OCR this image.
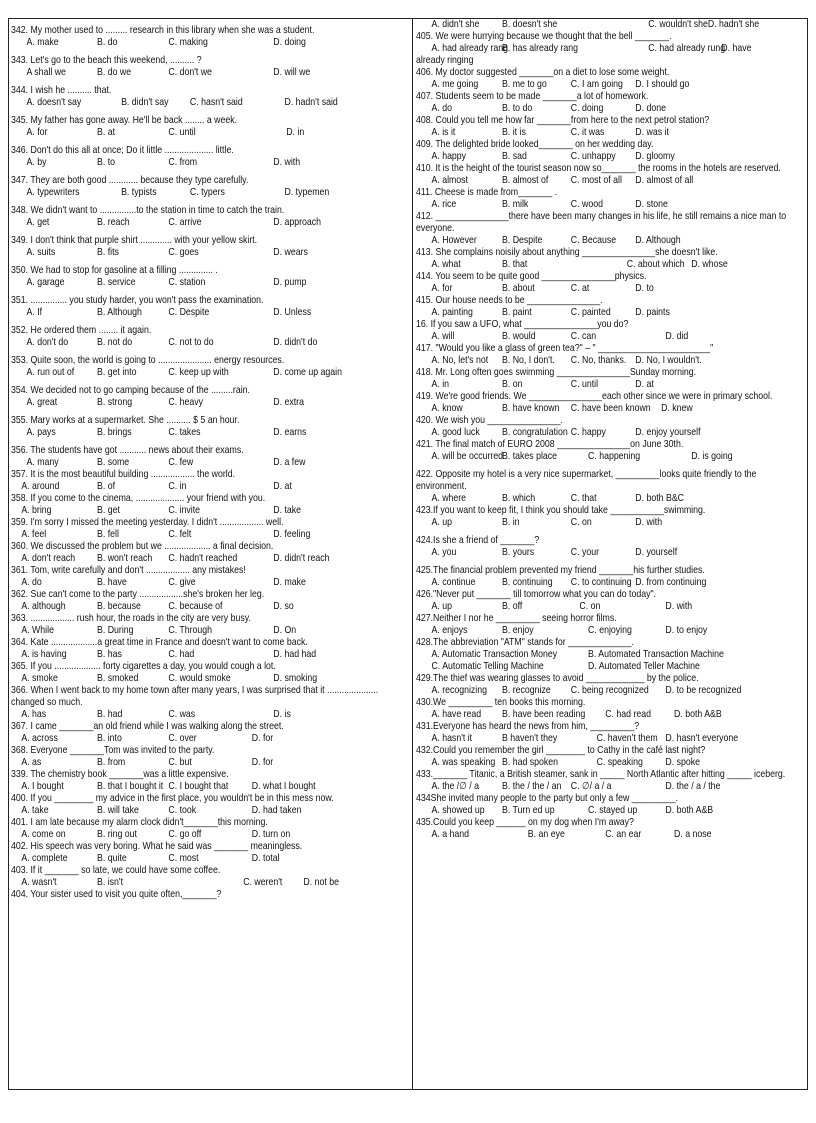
342. My mother used to ......... research in this library when she was a student.
A. make	B. do	C. making	D. doing
343. Let's go to the beach this weekend, .......... ?
A shall we	B. do we	C. don't we	D. will we
344. I wish he .......... that.
A. doesn't say	B. didn't say C. hasn't said	D. hadn't said
345. My father has gone away. He'll be back ........ a week.
A. for	B. at	C. until	D. in
346. Don't do this all at once; Do it little .................... little.
A. by	B. to	C. from	D. with
347. They are both good ............ because they type carefully.
A. typewriters	B. typists	C. typers	D. typemen
348. We didn't want to ...............to the station in time to catch the train.
A. get	B. reach	C. arrive	D. approach
349. I don't think that purple shirt ............. with your yellow skirt.
A. suits	B. fits	C. goes	D. wears
350. We had to stop for gasoline at a filling .............. .
A. garage	B. service	C. station	D. pump
351. ............... you study harder, you won't pass the examination.
A. If	B. Although	C. Despite	D. Unless
352. He ordered them ........ it again.
A. don't do	B. not do	C. not to do	D. didn't do
353. Quite soon, the world is going to ...................... energy resources.
A. run out of B. get into	C. keep up with	D. come up again
354. We decided not to go camping because of the .........rain.
A. great	B. strong	C. heavy	D. extra
355. Mary works at a supermarket. She .......... $ 5 an hour.
A. pays	B. brings	C. takes	D. earns
356. The students have got ........... news about their exams.
A. many	B. some	C. few	D. a few
357. It is the most beautiful building .................. the world.
A. around	B. of	C. in	D. at
358. If you come to the cinema, .................... your friend with you.
A. bring	B. get	C. invite	D. take
359. I'm sorry I missed the meeting yesterday. I didn't .................. well.
A. feel	B. fell	C. felt	D. feeling
360. We discussed the problem but we ................... a final decision.
A. don't reach B. won't reach C. hadn't reached	D. didn't reach
361. Tom, write carefully and don't .................. any mistakes!
A. do	B. have	C. give	D. make
362. Sue can't come to the party ..................she's broken her leg.
A. although	B. because	C. because of	D. so
363. .................. rush hour, the roads in the city are very busy.
A. While	B. During	C. Through	D. On
364. Kate ...................a great time in France and doesn't want to come back.
A. is having	B. has	C. had	D. had had
365. If you ................... forty cigarettes a day, you would cough a lot.
A. smoke	B. smoked	C. would smoke	D. smoking
366. When I went back to my home town after many years, I was surprised that it ..................... changed so much.
A. has	B. had	C. was	D. is
367. I came _______an old friend while I was walking along the street.
A. across	B. into	C. over	D. for
368. Everyone _______Tom was invited to the party.
A. as	B. from	C. but	D. for
339. The chemistry book _______was a little expensive.
A. I bought	B. that I bought it C. I bought that D. what I bought
400. If you ________ my advice in the first place, you wouldn't be in this mess now.
A. take	B. will take	C. took	D. had taken
401. I am late because my alarm clock didn't_______this morning.
A. come on	B. ring out	C. go off	D. turn on
402. His speech was very boring. What he said was _______ meaningless.
A. complete	B. quite	C. most	D. total
403. If it _______ so late, we could have some coffee.
A. wasn't	B. isn't	C. weren't D. not be
404. Your sister used to visit you quite often,_______?
A. didn't she B. doesn't she	C. wouldn't sheD. hadn't she
405. We were hurrying because we thought that the bell _______.
A. had already rang
B. has already rang	C. had already rung
D. have
already ringing
406. My doctor suggested _______on a diet to lose some weight.
A. me going B. me to go C. I am going D. I should go
407. Students seem to be made _______a lot of homework.
A. do	B. to do	C. doing	D. done
408. Could you tell me how far _______from here to the next petrol station?
A. is it	B. it is	C. it was	D. was it
409. The delighted bride looked_______ on her wedding day.
A. happy	B. sad	C. unhappy D. gloomy
410. It is the height of the tourist season now so_______ the rooms in the hotels are reserved.
A. almost	B. almost of C. most of all D. almost of all
411. Cheese is made from_______ .
A. rice	B. milk	C. wood	D. stone
412. _______________there have been many changes in his life, he still remains a nice man to everyone.
A. However B. Despite	C. Because D. Although
413. She complains noisily about anything _______________she doesn't like.
A. what	B. that	C. about which D. whose
414. You seem to be quite good _______________physics.
A. for	B. about	C. at	D. to
415. Our house needs to be _______________.
A. painting	B. paint	C. painted D. paints
16. If you saw a UFO, what _______________you do?
A. will	B. would	C. can	D. did
417. "Would you like a glass of green tea?" – " _______________________"
A. No, let's not B. No, I don't. C. No, thanks. D. No, I wouldn't.
418. Mr. Long often goes swimming _______________Sunday morning.
A. in	B. on	C. until	D. at
419. We're good friends. We _______________each other since we were in primary school.
A. know	B. have known C. have been known D. knew
420. We wish you _______________.
A. good luck B. congratulation C. happy	D. enjoy yourself
421. The final match of EURO 2008 _______________on June 30th.
A. will be occurred
B. takes place	C. happening	D. is going
422. Opposite my hotel is a very nice supermarket, _________looks quite friendly to the environment.
A. where	B. which	C. that	D. both B&C
423.If you want to keep fit, I think you should take ___________swimming.
A. up	B. in	C. on	D. with
424.Is she a friend of _______?
A. you	B. yours	C. your	D. yourself
425.The financial problem prevented my friend _______his further studies.
A. continue	B. continuing C. to continuing D. from continuing
426."Never put _______ till tomorrow what you can do today".
A. up	B. off	C. on	D. with
427.Neither I nor he _________ seeing horror films.
A. enjoys	B. enjoy	C. enjoying	D. to enjoy
428.The abbreviation "ATM" stands for _____________.
A. Automatic Transaction Money	B. Automated Transaction Machine
C. Automatic Telling Machine	D. Automated Teller Machine
429.The thief was wearing glasses to avoid ____________ by the police.
A. recognizing B. recognize C. being recognized D. to be recognized
430.We _________ ten books this morning.
A. have read B. have been reading C. had read D. both A&B
431.Everyone has heard the news from him, _________?
A. hasn't it	B haven't they	C. haven't them D. hasn't everyone
432.Could you remember the girl ________ to Cathy in the café last night?
A. was speaking B. had spoken	C. speaking D. spoke
433._______ Titanic, a British steamer, sank in _____ North Atlantic after hitting _____ iceberg.
A. the /∅ / a B. the / the / an C. ∅/ a / a	D. the / a / the
434She invited many people to the party but only a few _________.
A. showed up B. Turn ed up	C. stayed up	D. both A&B
435.Could you keep ______ on my dog when I'm away?
A. a hand	B. an eye	C. an ear	D. a nose
